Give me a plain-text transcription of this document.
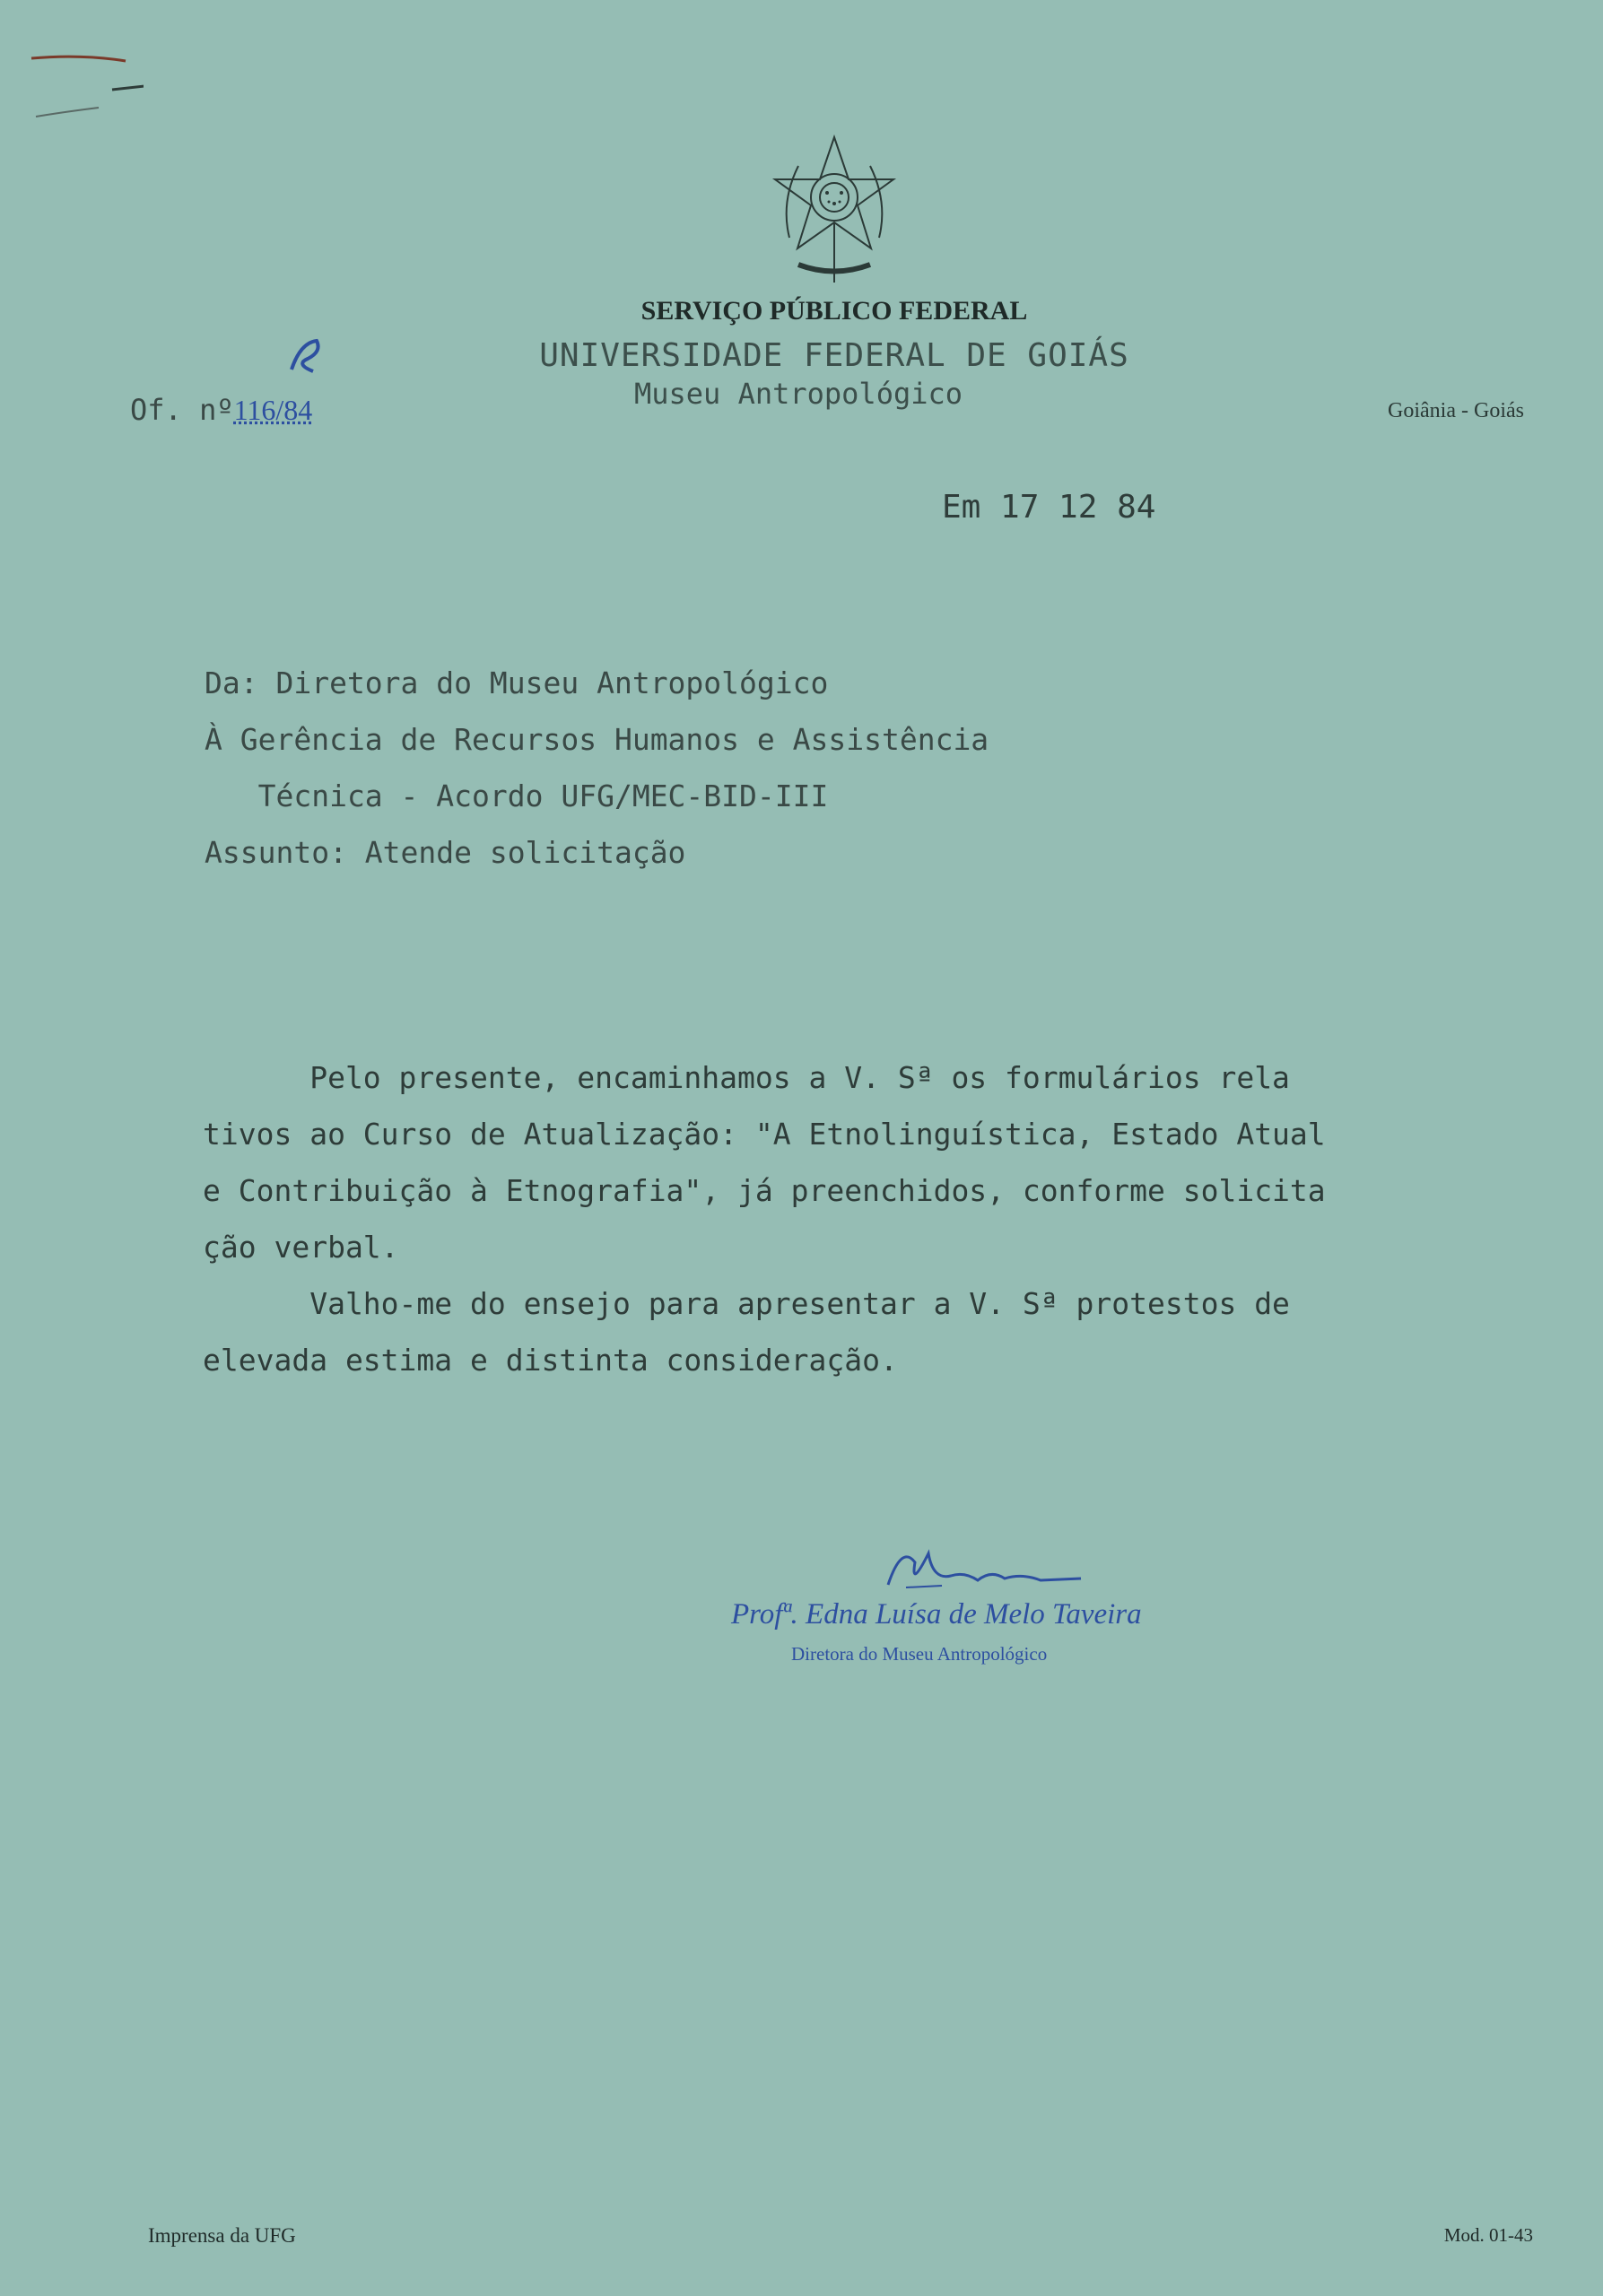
SERVIÇO PÚBLICO FEDERAL
UNIVERSIDADE FEDERAL DE GOIÁS
Museu Antropológico
Of. nº116/84	Goiânia - Goiás
Em 17 12 84
Da: Diretora do Museu Antropológico
À Gerência de Recursos Humanos e Assistência
Técnica - Acordo UFG/MEC-BID-III
Assunto: Atende solicitação
Pelo presente, encaminhamos a V. Sª os formulários rela
tivos ao Curso de Atualização: "A Etnolinguística, Estado Atual
e Contribuição à Etnografia", já preenchidos, conforme solicita
ção verbal.
Valho-me do ensejo para apresentar a V. Sª protestos de
elevada estima e distinta consideração.
Profª. Edna Luísa de Melo Taveira
Diretora do Museu Antropológico
Imprensa da UFG	Mod. 01-43
